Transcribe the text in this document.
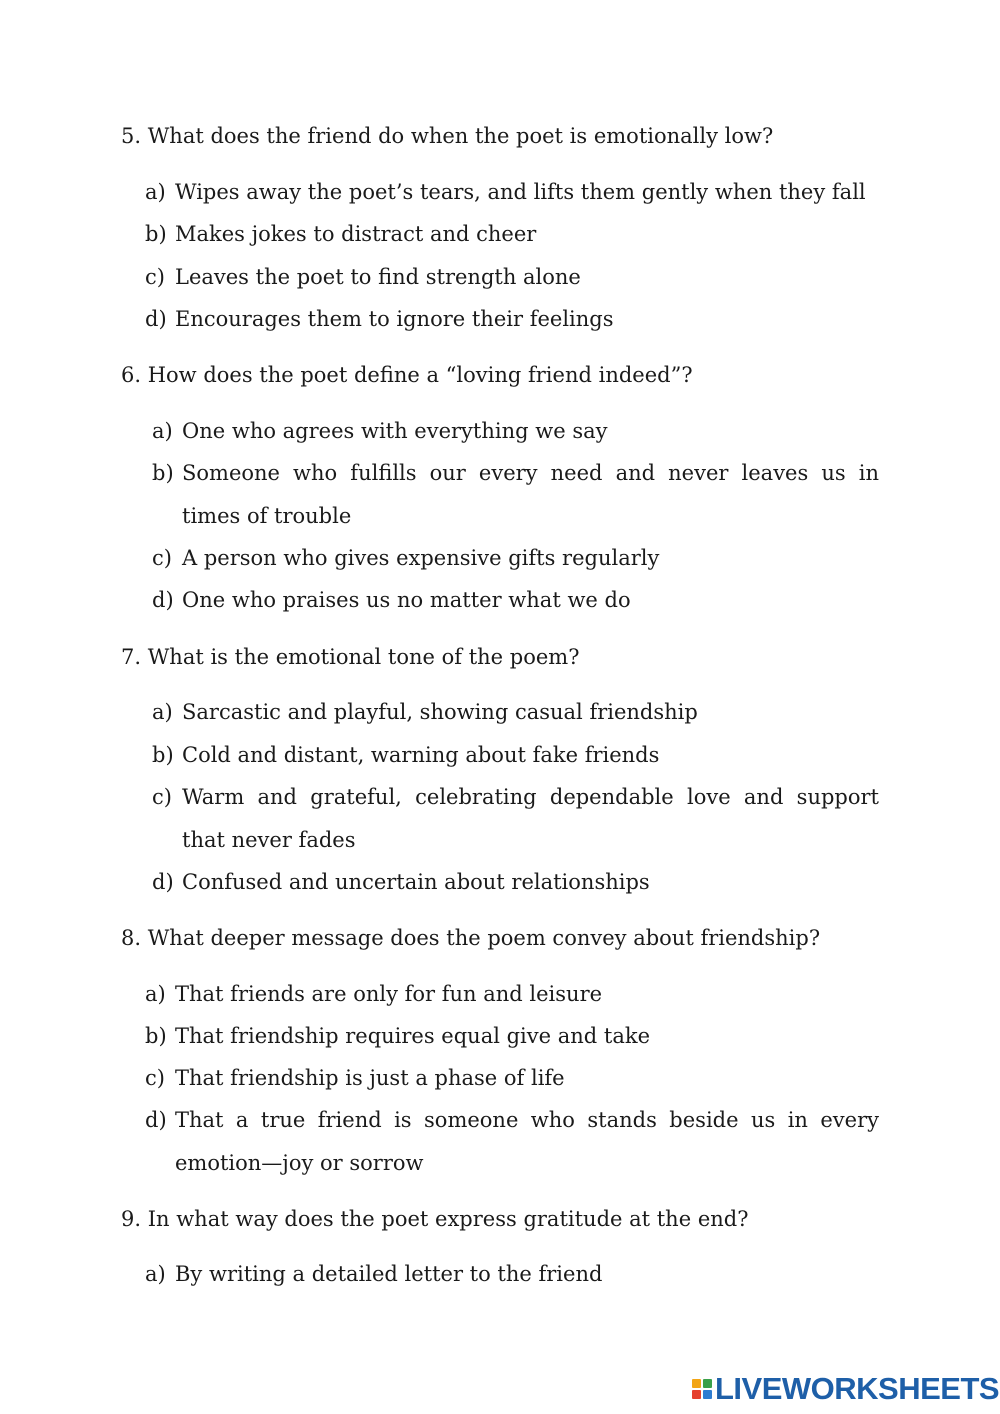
5. What does the friend do when the poet is emotionally low?
a) Wipes away the poet’s tears, and lifts them gently when they fall
b) Makes jokes to distract and cheer
c) Leaves the poet to find strength alone
d) Encourages them to ignore their feelings
6. How does the poet define a “loving friend indeed”?
a) One who agrees with everything we say
b) Someone who fulfills our every need and never leaves us in times of trouble
c) A person who gives expensive gifts regularly
d) One who praises us no matter what we do
7. What is the emotional tone of the poem?
a) Sarcastic and playful, showing casual friendship
b) Cold and distant, warning about fake friends
c) Warm and grateful, celebrating dependable love and support that never fades
d) Confused and uncertain about relationships
8. What deeper message does the poem convey about friendship?
a) That friends are only for fun and leisure
b) That friendship requires equal give and take
c) That friendship is just a phase of life
d) That a true friend is someone who stands beside us in every emotion—joy or sorrow
9. In what way does the poet express gratitude at the end?
a) By writing a detailed letter to the friend
LIVEWORKSHEETS
